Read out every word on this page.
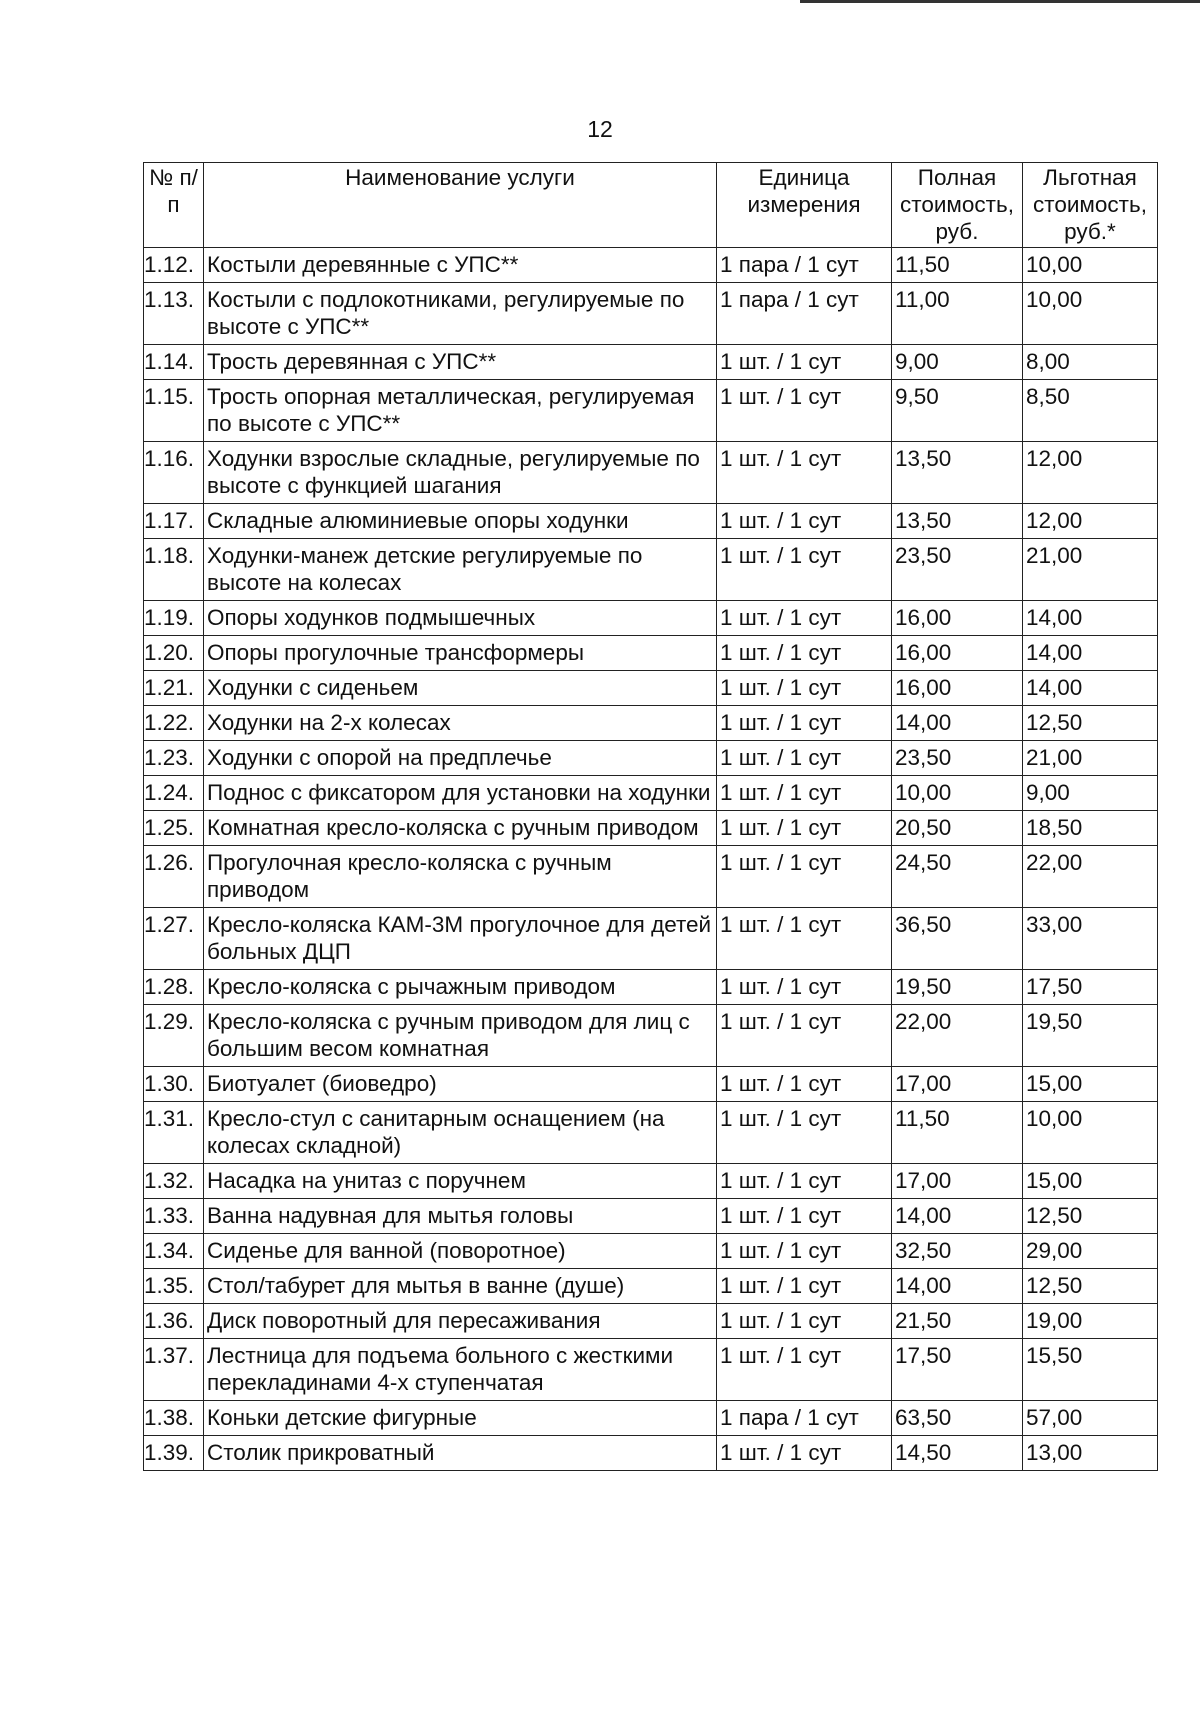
12
№ п/п	Наименование услуги	Единица измерения	Полная стоимость, руб.	Льготная стоимость, руб.*
1.12.	Костыли деревянные с УПС**	1 пара / 1 сут	11,50	10,00
1.13.	Костыли с подлокотниками, регулируемые по высоте с УПС**	1 пара / 1 сут	11,00	10,00
1.14.	Трость деревянная с УПС**	1 шт. / 1 сут	9,00	8,00
1.15.	Трость опорная металлическая, регулируемая по высоте с УПС**	1 шт. / 1 сут	9,50	8,50
1.16.	Ходунки взрослые складные, регулируемые по высоте с функцией шагания	1 шт. / 1 сут	13,50	12,00
1.17.	Складные алюминиевые опоры ходунки	1 шт. / 1 сут	13,50	12,00
1.18.	Ходунки-манеж детские регулируемые по высоте на колесах	1 шт. / 1 сут	23,50	21,00
1.19.	Опоры ходунков подмышечных	1 шт. / 1 сут	16,00	14,00
1.20.	Опоры прогулочные трансформеры	1 шт. / 1 сут	16,00	14,00
1.21.	Ходунки с сиденьем	1 шт. / 1 сут	16,00	14,00
1.22.	Ходунки на 2-х колесах	1 шт. / 1 сут	14,00	12,50
1.23.	Ходунки с опорой на предплечье	1 шт. / 1 сут	23,50	21,00
1.24.	Поднос с фиксатором для установки на ходунки	1 шт. / 1 сут	10,00	9,00
1.25.	Комнатная кресло-коляска с ручным приводом	1 шт. / 1 сут	20,50	18,50
1.26.	Прогулочная кресло-коляска с ручным приводом	1 шт. / 1 сут	24,50	22,00
1.27.	Кресло-коляска КАМ-3М прогулочное для детей больных ДЦП	1 шт. / 1 сут	36,50	33,00
1.28.	Кресло-коляска с рычажным приводом	1 шт. / 1 сут	19,50	17,50
1.29.	Кресло-коляска с ручным приводом для лиц с большим весом комнатная	1 шт. / 1 сут	22,00	19,50
1.30.	Биотуалет (биоведро)	1 шт. / 1 сут	17,00	15,00
1.31.	Кресло-стул с санитарным оснащением (на колесах складной)	1 шт. / 1 сут	11,50	10,00
1.32.	Насадка на унитаз с поручнем	1 шт. / 1 сут	17,00	15,00
1.33.	Ванна надувная для мытья головы	1 шт. / 1 сут	14,00	12,50
1.34.	Сиденье для ванной (поворотное)	1 шт. / 1 сут	32,50	29,00
1.35.	Стол/табурет для мытья в ванне (душе)	1 шт. / 1 сут	14,00	12,50
1.36.	Диск поворотный для пересаживания	1 шт. / 1 сут	21,50	19,00
1.37.	Лестница для подъема больного с жесткими перекладинами 4-х ступенчатая	1 шт. / 1 сут	17,50	15,50
1.38.	Коньки детские фигурные	1 пара / 1 сут	63,50	57,00
1.39.	Столик прикроватный	1 шт. / 1 сут	14,50	13,00
